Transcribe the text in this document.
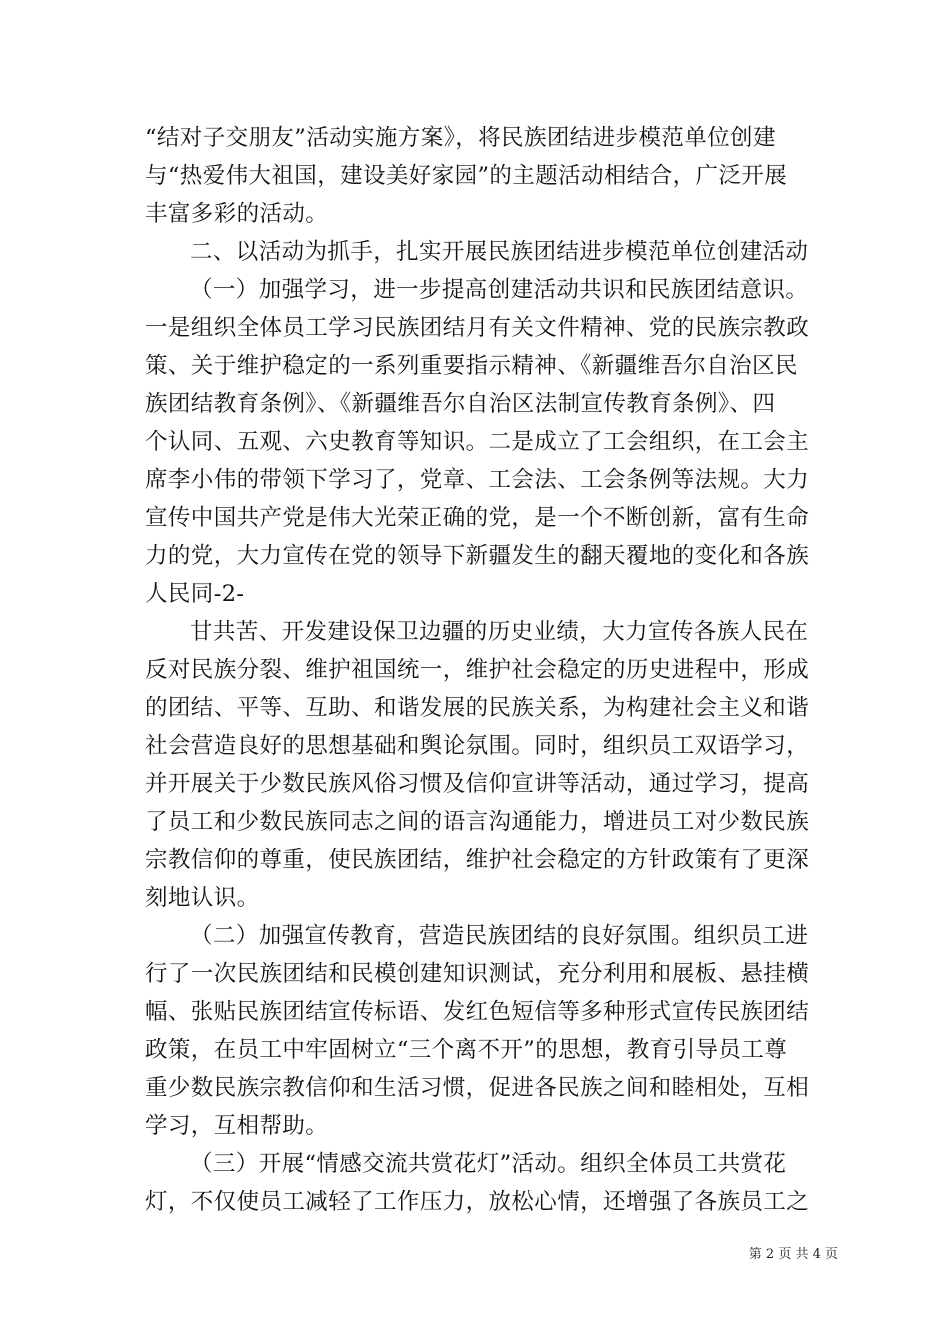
“结对子交朋友”活动实施方案》，将民族团结进步模范单位创建
与“热爱伟大祖国，建设美好家园”的主题活动相结合，广泛开展
丰富多彩的活动。
二、以活动为抓手，扎实开展民族团结进步模范单位创建活动
（一）加强学习，进一步提高创建活动共识和民族团结意识。
一是组织全体员工学习民族团结月有关文件精神、党的民族宗教政
策、关于维护稳定的一系列重要指示精神、《新疆维吾尔自治区民
族团结教育条例》、《新疆维吾尔自治区法制宣传教育条例》、四
个认同、五观、六史教育等知识。二是成立了工会组织，在工会主
席李小伟的带领下学习了，党章、工会法、工会条例等法规。大力
宣传中国共产党是伟大光荣正确的党，是一个不断创新，富有生命
力的党，大力宣传在党的领导下新疆发生的翻天覆地的变化和各族
人民同-2-
甘共苦、开发建设保卫边疆的历史业绩，大力宣传各族人民在
反对民族分裂、维护祖国统一，维护社会稳定的历史进程中，形成
的团结、平等、互助、和谐发展的民族关系，为构建社会主义和谐
社会营造良好的思想基础和舆论氛围。同时，组织员工双语学习，
并开展关于少数民族风俗习惯及信仰宣讲等活动，通过学习，提高
了员工和少数民族同志之间的语言沟通能力，增进员工对少数民族
宗教信仰的尊重，使民族团结，维护社会稳定的方针政策有了更深
刻地认识。
（二）加强宣传教育，营造民族团结的良好氛围。组织员工进
行了一次民族团结和民模创建知识测试，充分利用和展板、悬挂横
幅、张贴民族团结宣传标语、发红色短信等多种形式宣传民族团结
政策，在员工中牢固树立“三个离不开”的思想，教育引导员工尊
重少数民族宗教信仰和生活习惯，促进各民族之间和睦相处，互相
学习，互相帮助。
（三）开展“情感交流共赏花灯”活动。组织全体员工共赏花
灯，不仅使员工减轻了工作压力，放松心情，还增强了各族员工之
第 2 页 共 4 页
